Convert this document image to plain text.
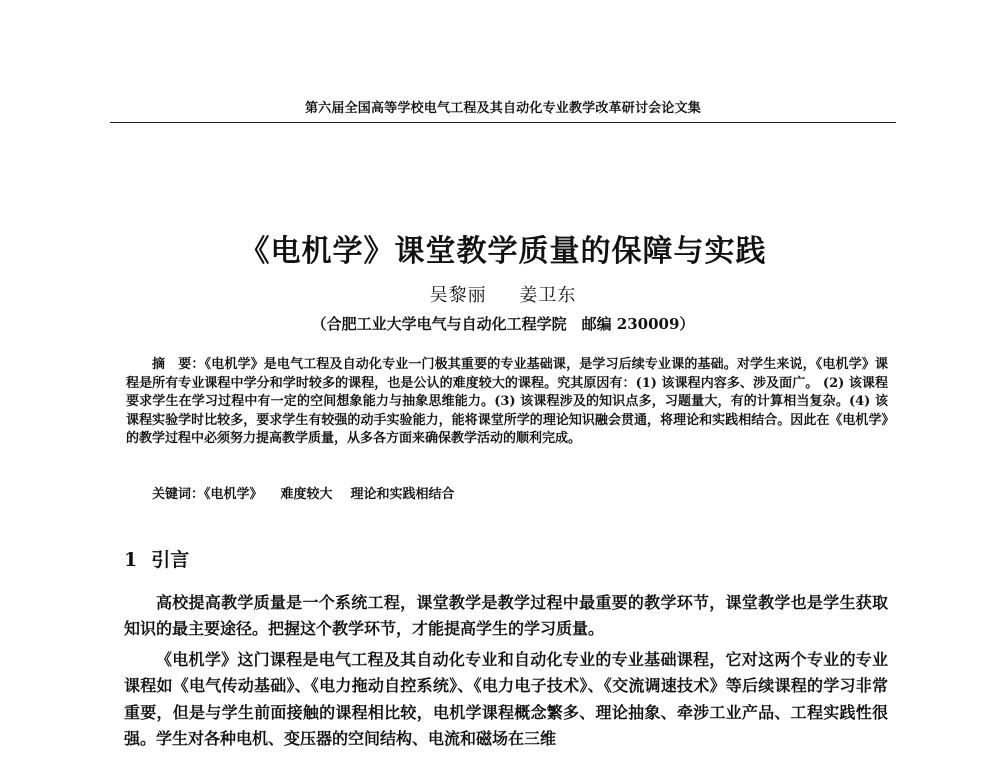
第六届全国高等学校电气工程及其自动化专业教学改革研讨会论文集
《电机学》课堂教学质量的保障与实践
吴黎丽 姜卫东
（合肥工业大学电气与自动化工程学院　邮编 230009）

摘　要：《电机学》是电气工程及自动化专业一门极其重要的专业基础课，是学习后续专业课的基础。对学生来说，《电机学》课程是所有专业课程中学分和学时较多的课程，也是公认的难度较大的课程。究其原因有：(1) 该课程内容多、涉及面广。 (2) 该课程要求学生在学习过程中有一定的空间想象能力与抽象思维能力。(3) 该课程涉及的知识点多，习题量大，有的计算相当复杂。(4) 该课程实验学时比较多，要求学生有较强的动手实验能力，能将课堂所学的理论知识融会贯通，将理论和实践相结合。因此在《电机学》的教学过程中必须努力提高教学质量，从多各方面来确保教学活动的顺利完成。

关键词：《电机学》 难度较大 理论和实践相结合

1 引言

高校提高教学质量是一个系统工程，课堂教学是教学过程中最重要的教学环节，课堂教学也是学生获取知识的最主要途径。把握这个教学环节，才能提高学生的学习质量。

《电机学》这门课程是电气工程及其自动化专业和自动化专业的专业基础课程，它对这两个专业的专业课程如《电气传动基础》、《电力拖动自控系统》、《电力电子技术》、《交流调速技术》等后续课程的学习非常重要，但是与学生前面接触的课程相比较，电机学课程概念繁多、理论抽象、牵涉工业产品、工程实践性很强。学生对各种电机、变压器的空间结构、电流和磁场在三维
